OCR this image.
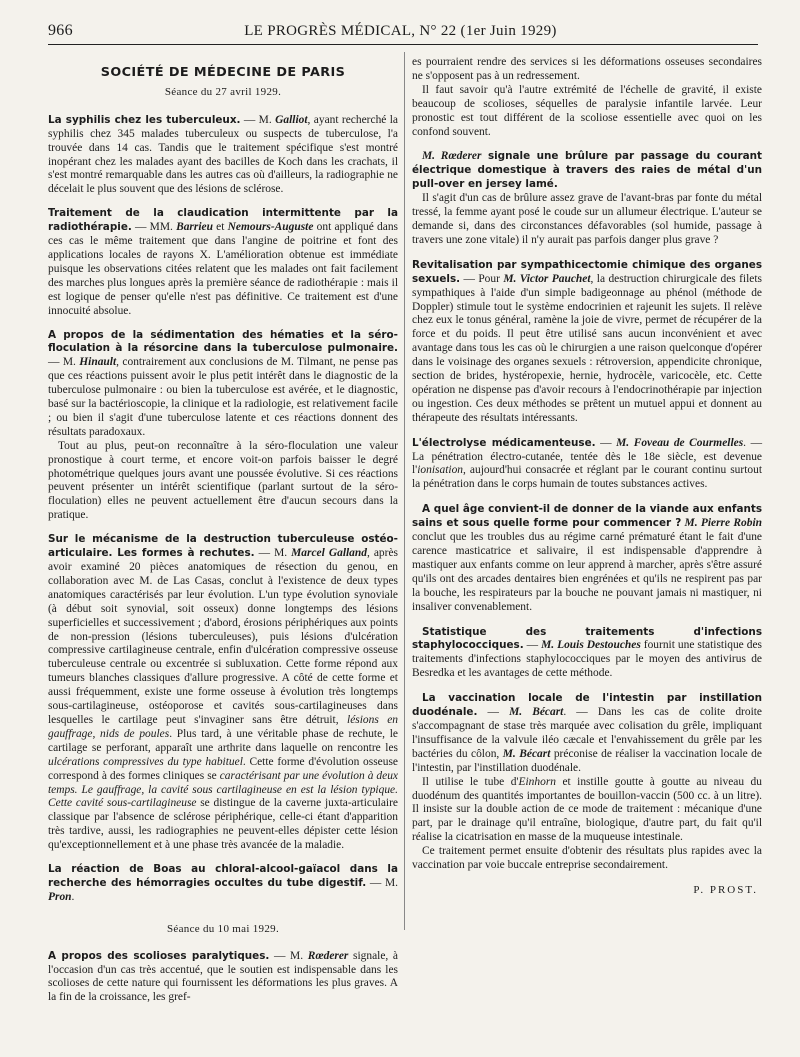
966	LE PROGRÈS MÉDICAL, N° 22 (1er Juin 1929)
SOCIÉTÉ DE MÉDECINE DE PARIS
Séance du 27 avril 1929.

La syphilis chez les tuberculeux. — M. Galliot, ayant recherché la syphilis chez 345 malades tuberculeux ou suspects de tuberculose, l'a trouvée dans 14 cas. Tandis que le traitement spécifique s'est montré inopérant chez les malades ayant des bacilles de Koch dans les crachats, il s'est montré remarquable dans les autres cas où d'ailleurs, la radiographie ne décelait le plus souvent que des lésions de sclérose.

Traitement de la claudication intermittente par la radiothérapie. — MM. Barrieu et Nemours-Auguste ont appliqué dans ces cas le même traitement que dans l'angine de poitrine et font des applications locales de rayons X. L'amélioration obtenue est immédiate puisque les observations citées relatent que les malades ont fait facilement des marches plus longues après la première séance de radiothérapie : mais il est logique de penser qu'elle n'est pas définitive. Ce traitement est d'une innocuité absolue.

A propos de la sédimentation des hématies et la séro-floculation à la résorcine dans la tuberculose pulmonaire. — M. Hinault, contrairement aux conclusions de M. Tilmant, ne pense pas que ces réactions puissent avoir le plus petit intérêt dans le diagnostic de la tuberculose pulmonaire : ou bien la tuberculose est avérée, et le diagnostic, basé sur la bactérioscopie, la clinique et la radiologie, est relativement facile ; ou bien il s'agit d'une tuberculose latente et ces réactions donnent des résultats paradoxaux.

Tout au plus, peut-on reconnaître à la séro-floculation une valeur pronostique à court terme, et encore voit-on parfois baisser le degré photométrique quelques jours avant une poussée évolutive. Si ces réactions peuvent présenter un intérêt scientifique (parlant surtout de la séro-floculation) elles ne peuvent actuellement être d'aucun secours dans la pratique.

Sur le mécanisme de la destruction tuberculeuse ostéo-articulaire. Les formes à rechutes. — M. Marcel Galland, après avoir examiné 20 pièces anatomiques de résection du genou, en collaboration avec M. de Las Casas, conclut à l'existence de deux types anatomiques caractérisés par leur évolution. L'un type évolution synoviale (à début soit synovial, soit osseux) donne longtemps des lésions superficielles et successivement ; d'abord, érosions périphériques aux points de non-pression (lésions tuberculeuses), puis lésions d'ulcération compressive cartilagineuse centrale, enfin d'ulcération compressive osseuse tuberculeuse centrale ou excentrée si subluxation. Cette forme répond aux tumeurs blanches classiques d'allure progressive. A côté de cette forme et aussi fréquemment, existe une forme osseuse à évolution très longtemps sous-cartilagineuse, ostéoporose et cavités sous-cartilagineuses dans lesquelles le cartilage peut s'invaginer sans être détruit, lésions en gauffrage, nids de poules. Plus tard, à une véritable phase de rechute, le cartilage se perforant, apparaît une arthrite dans laquelle on rencontre les ulcérations compressives du type habituel. Cette forme d'évolution osseuse correspond à des formes cliniques se caractérisant par une évolution à deux temps. Le gauffrage, la cavité sous cartilagineuse en est la lésion typique. Cette cavité sous-cartilagineuse se distingue de la caverne juxta-articulaire classique par l'absence de sclérose périphérique, celle-ci étant d'apparition très tardive, aussi, les radiographies ne peuvent-elles dépister cette lésion qu'exceptionnellement et à une phase très avancée de la maladie.

La réaction de Boas au chloral-alcool-gaïacol dans la recherche des hémorragies occultes du tube digestif. — M. Pron.

Séance du 10 mai 1929.

A propos des scolioses paralytiques. — M. Rœderer signale, à l'occasion d'un cas très accentué, que le soutien est indispensable dans les scolioses de cette nature qui fournissent les déformations les plus graves. A la fin de la croissance, les gref-

es pourraient rendre des services si les déformations osseuses secondaires ne s'opposent pas à un redressement.

Il faut savoir qu'à l'autre extrémité de l'échelle de gravité, il existe beaucoup de scolioses, séquelles de paralysie infantile larvée. Leur pronostic est tout différent de la scoliose essentielle avec quoi on les confond souvent.

M. Rœderer signale une brûlure par passage du courant électrique domestique à travers des raies de métal d'un pull-over en jersey lamé.

Il s'agit d'un cas de brûlure assez grave de l'avant-bras par fonte du métal tressé, la femme ayant posé le coude sur un allumeur électrique. L'auteur se demande si, dans des circonstances défavorables (sol humide, passage à travers une zone vitale) il n'y aurait pas parfois danger plus grave ?

Revitalisation par sympathicectomie chimique des organes sexuels. — Pour M. Victor Pauchet, la destruction chirurgicale des filets sympathiques à l'aide d'un simple badigeonnage au phénol (méthode de Doppler) stimule tout le système endocrinien et rajeunit les sujets. Il relève chez eux le tonus général, ramène la joie de vivre, permet de récupérer de la force et du poids. Il peut être utilisé sans aucun inconvénient et avec avantage dans tous les cas où le chirurgien a une raison quelconque d'opérer dans le voisinage des organes sexuels : rétroversion, appendicite chronique, section de brides, hystéropexie, hernie, hydrocèle, varicocèle, etc. Cette opération ne dispense pas d'avoir recours à l'endocrinothérapie par injection ou ingestion. Ces deux méthodes se prêtent un mutuel appui et donnent au thérapeute des résultats intéressants.

L'électrolyse médicamenteuse. — M. Foveau de Courmelles. — La pénétration électro-cutanée, tentée dès le 18e siècle, est devenue l'ionisation, aujourd'hui consacrée et réglant par le courant continu surtout la pénétration dans le corps humain de toutes substances actives.

A quel âge convient-il de donner de la viande aux enfants sains et sous quelle forme pour commencer ? M. Pierre Robin conclut que les troubles dus au régime carné prématuré étant le fait d'une carence masticatrice et salivaire, il est indispensable d'apprendre à mastiquer aux enfants comme on leur apprend à marcher, après s'être assuré qu'ils ont des arcades dentaires bien engrénées et qu'ils ne respirent pas par la bouche, les respirateurs par la bouche ne pouvant jamais ni mastiquer, ni insaliver convenablement.

Statistique des traitements d'infections staphylococciques. — M. Louis Destouches fournit une statistique des traitements d'infections staphylococciques par le moyen des antivirus de Besredka et les avantages de cette méthode.

La vaccination locale de l'intestin par instillation duodénale. — M. Bécart. — Dans les cas de colite droite s'accompagnant de stase très marquée avec colisation du grêle, impliquant l'insuffisance de la valvule iléo cæcale et l'envahissement du grêle par les bactéries du côlon, M. Bécart préconise de réaliser la vaccination locale de l'intestin, par l'instillation duodénale.

Il utilise le tube d'Einhorn et instille goutte à goutte au niveau du duodénum des quantités importantes de bouillon-vaccin (500 cc. à un litre). Il insiste sur la double action de ce mode de traitement : mécanique d'une part, par le drainage qu'il entraîne, biologique, d'autre part, du fait qu'il réalise la cicatrisation en masse de la muqueuse intestinale.

Ce traitement permet ensuite d'obtenir des résultats plus rapides avec la vaccination par voie buccale entreprise secondairement.

P. PROST.
